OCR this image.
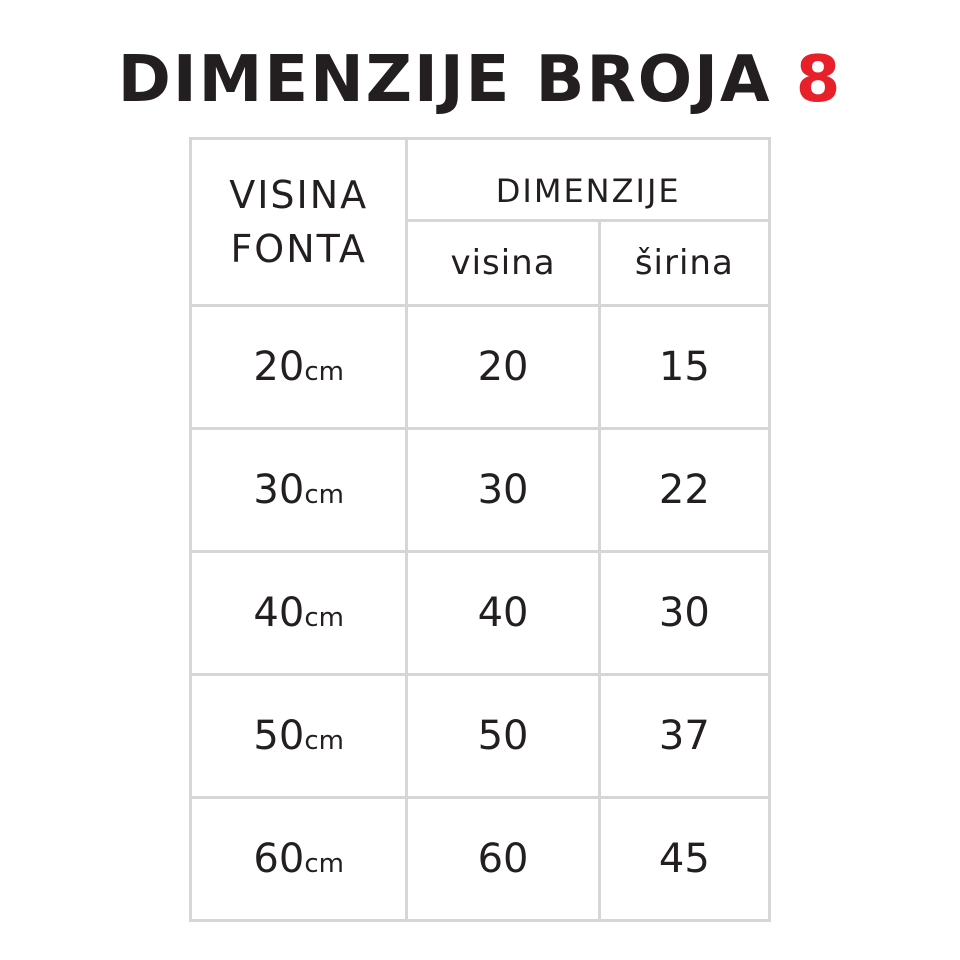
DIMENZIJE BROJA 8
VISINA
FONTA	DIMENZIJE	
	visina	širina
20cm	20	15
30cm	30	22
40cm	40	30
50cm	50	37
60cm	60	45
